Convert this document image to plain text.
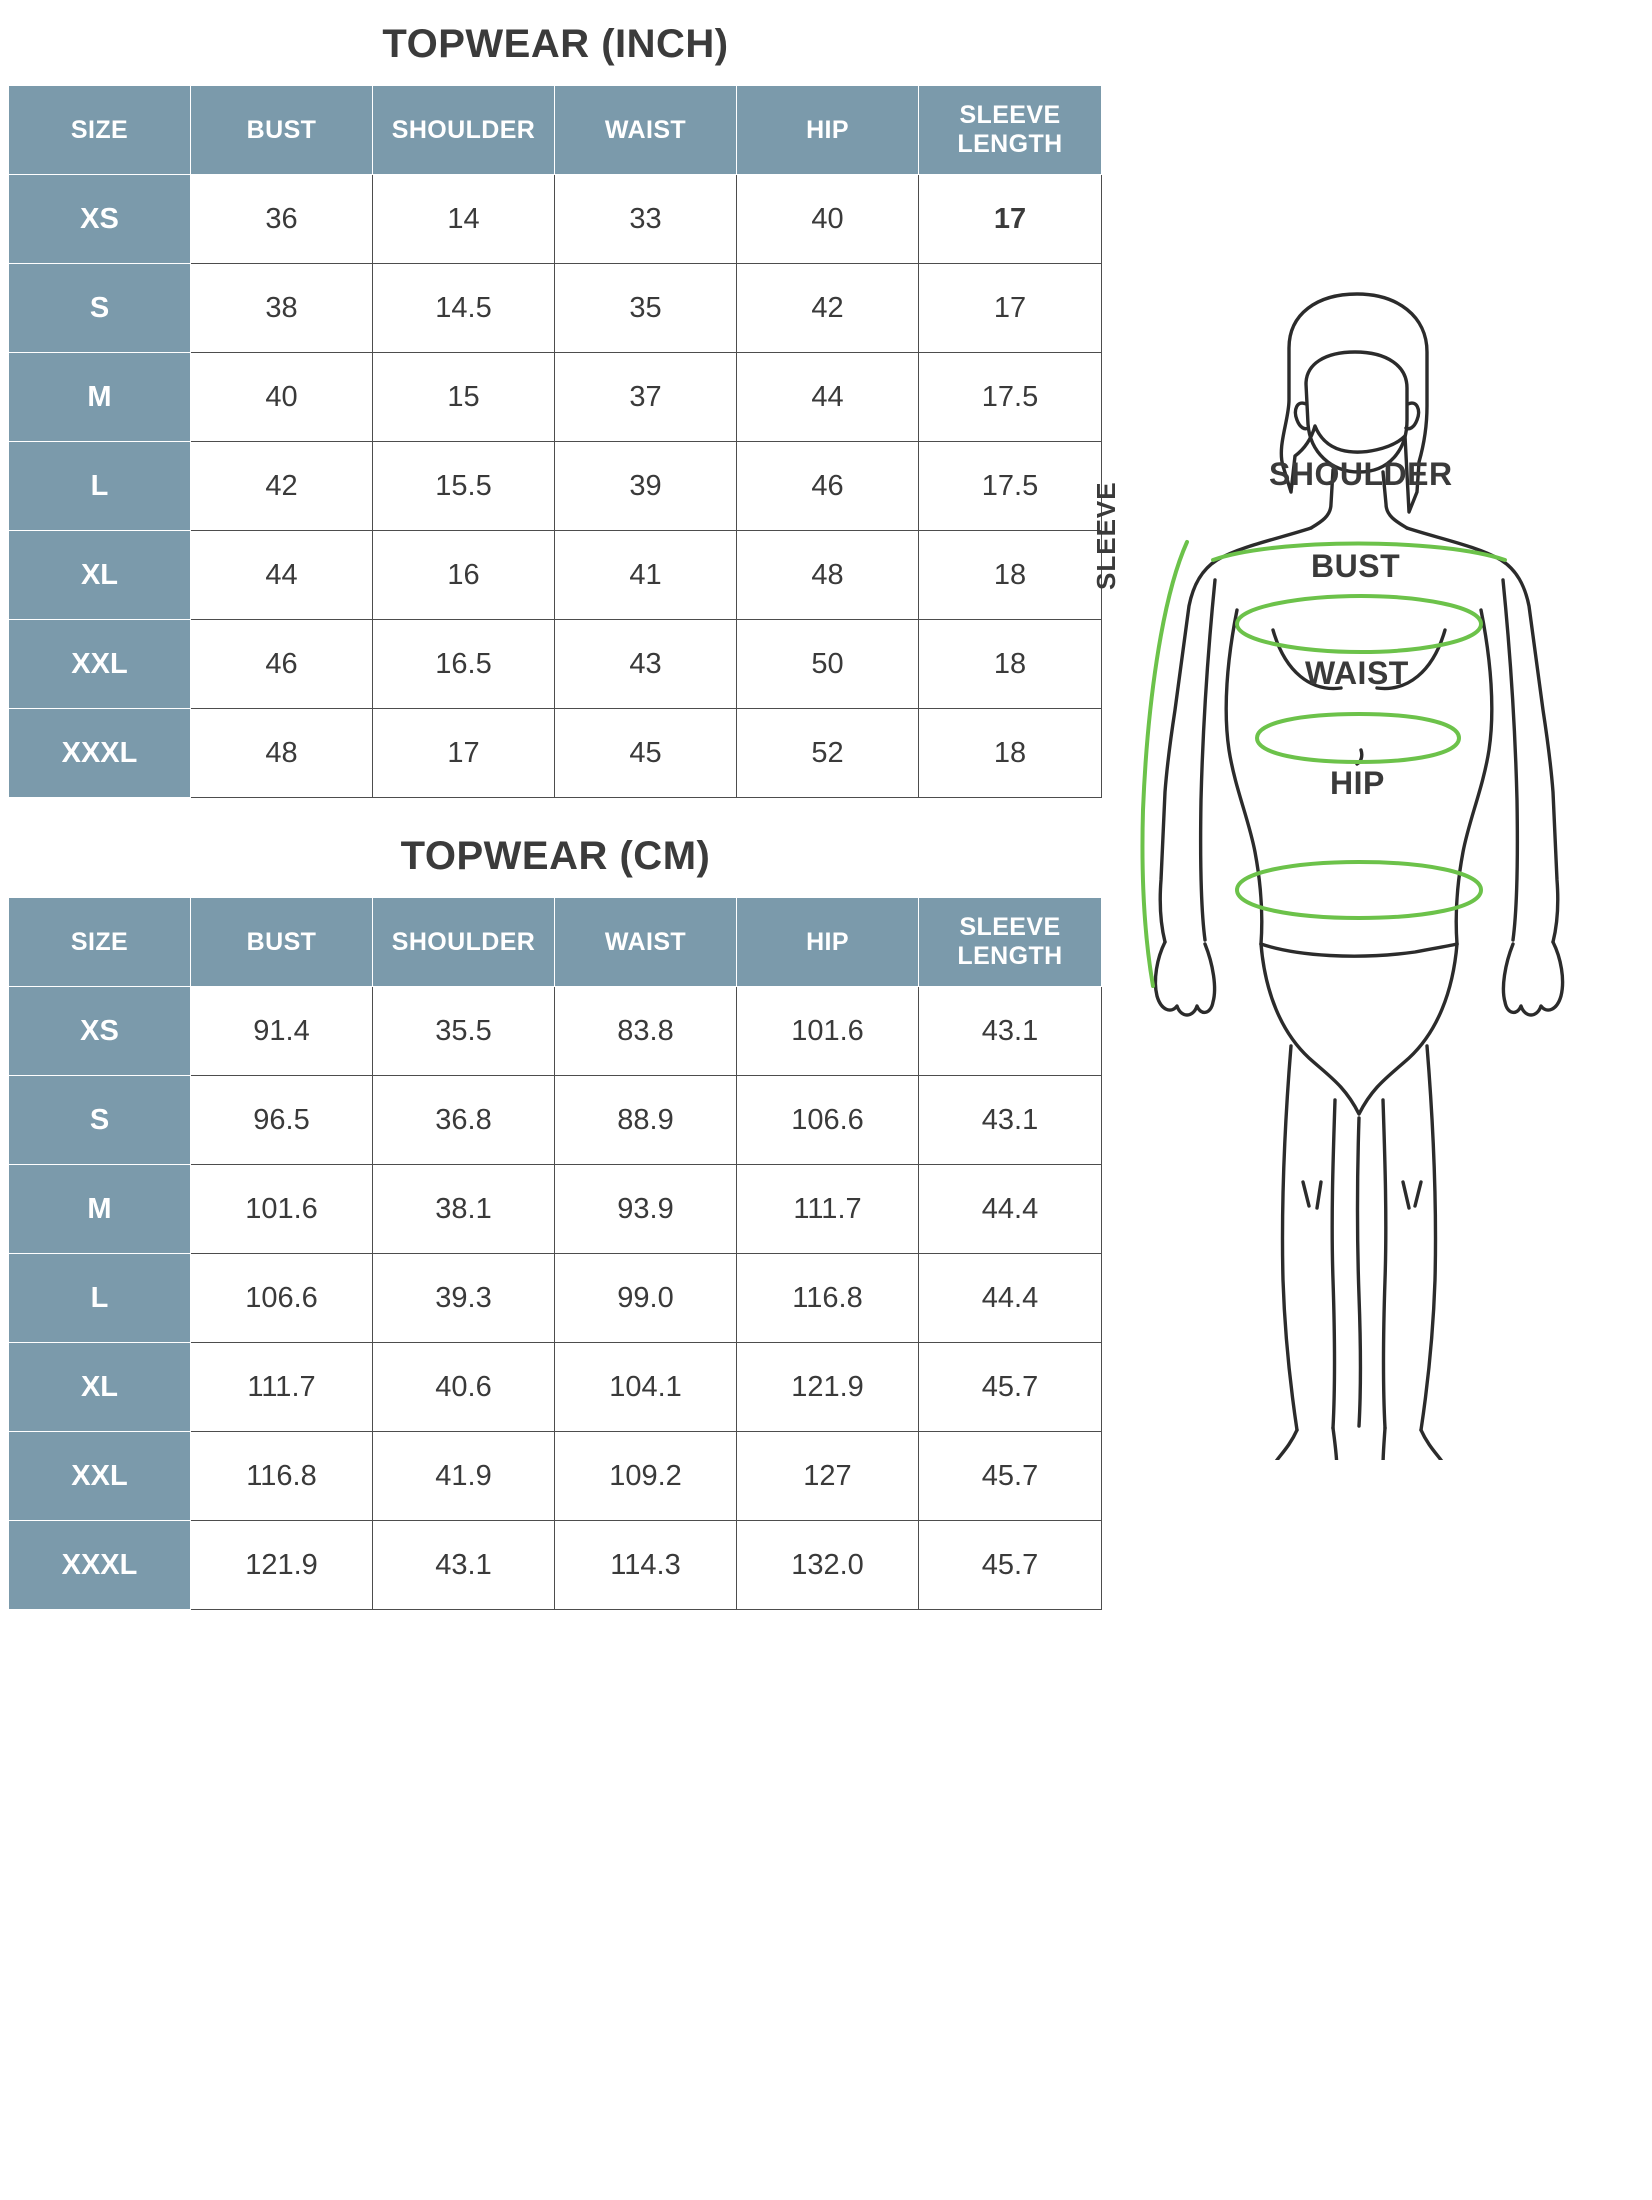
TOPWEAR (INCH)
SIZE	BUST	SHOULDER	WAIST	HIP	SLEEVE LENGTH
XS	36	14	33	40	17
S	38	14.5	35	42	17
M	40	15	37	44	17.5
L	42	15.5	39	46	17.5
XL	44	16	41	48	18
XXL	46	16.5	43	50	18
XXXL	48	17	45	52	18
TOPWEAR (CM)
SIZE	BUST	SHOULDER	WAIST	HIP	SLEEVE LENGTH
XS	91.4	35.5	83.8	101.6	43.1
S	96.5	36.8	88.9	106.6	43.1
M	101.6	38.1	93.9	111.7	44.4
L	106.6	39.3	99.0	116.8	44.4
XL	111.7	40.6	104.1	121.9	45.7
XXL	116.8	41.9	109.2	127	45.7
XXXL	121.9	43.1	114.3	132.0	45.7
SHOULDER
BUST
WAIST
HIP
SLEEVE
